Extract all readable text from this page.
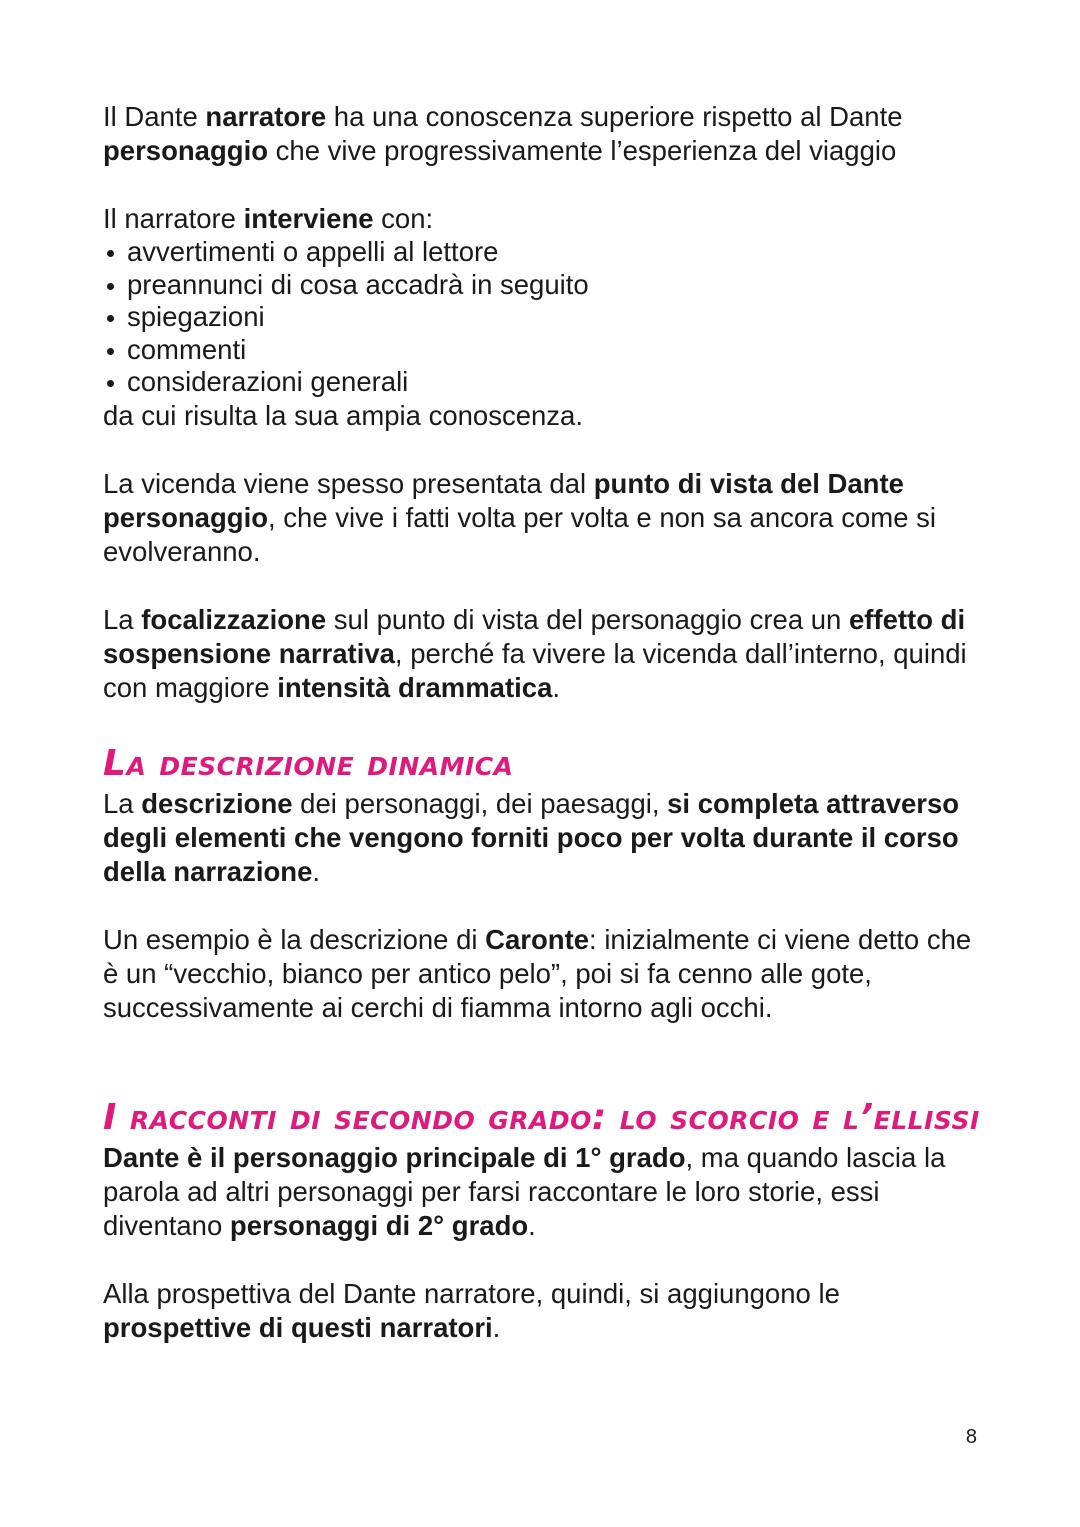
Il Dante narratore ha una conoscenza superiore rispetto al Dante personaggio che vive progressivamente l’esperienza del viaggio

Il narratore interviene con:

avvertimenti o appelli al lettore
preannunci di cosa accadrà in seguito
spiegazioni
commenti
considerazioni generali

da cui risulta la sua ampia conoscenza.

La vicenda viene spesso presentata dal punto di vista del Dante personaggio, che vive i fatti volta per volta e non sa ancora come si evolveranno.

La focalizzazione sul punto di vista del personaggio crea un effetto di sospensione narrativa, perché fa vivere la vicenda dall’interno, quindi con maggiore intensità drammatica.

La descrizione dinamica

La descrizione dei personaggi, dei paesaggi, si completa attraverso degli elementi che vengono forniti poco per volta durante il corso della narrazione.

Un esempio è la descrizione di Caronte: inizialmente ci viene detto che è un “vecchio, bianco per antico pelo”, poi si fa cenno alle gote, successivamente ai cerchi di fiamma intorno agli occhi.

I racconti di secondo grado: lo scorcio e l’ellissi

Dante è il personaggio principale di 1° grado, ma quando lascia la parola ad altri personaggi per farsi raccontare le loro storie, essi diventano personaggi di 2° grado.

Alla prospettiva del Dante narratore, quindi, si aggiungono le prospettive di questi narratori.

8
